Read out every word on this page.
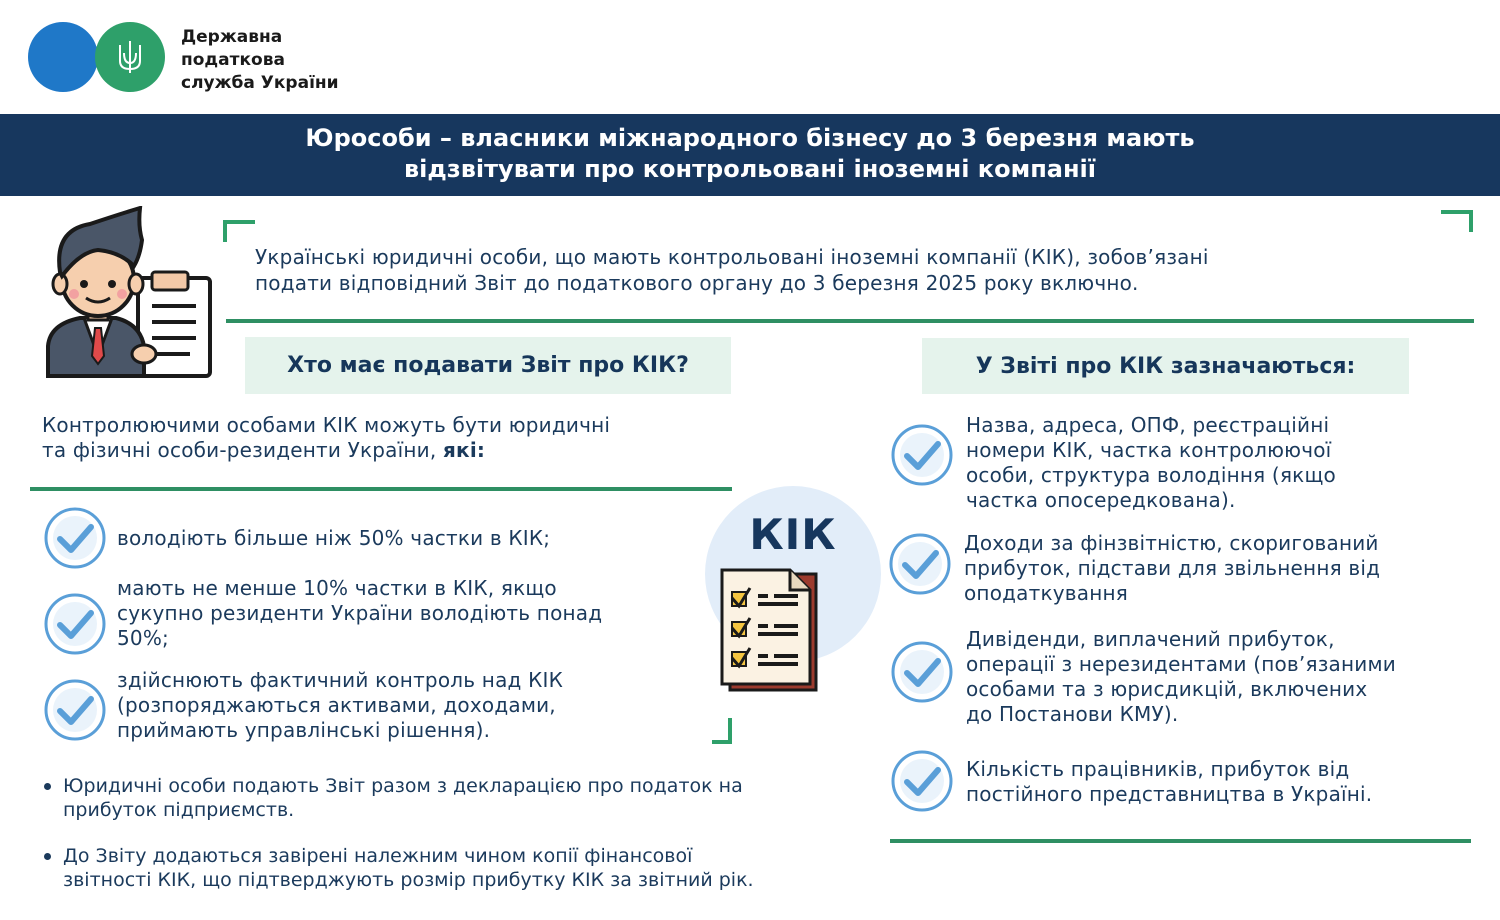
Державна
податкова
служба України
Юрособи – власники міжнародного бізнесу до 3 березня мають
відзвітувати про контрольовані іноземні компанії
Українські юридичні особи, що мають контрольовані іноземні компанії (КІК), зобов’язані
подати відповідний Звіт до податкового органу до 3 березня 2025 року включно.
Хто має подавати Звіт про КІК?	У Звіті про КІК зазначаються:
Контролюючими особами КІК можуть бути юридичні
та фізичні особи-резиденти України, які:
володіють більше ніж 50% частки в КІК;
мають не менше 10% частки в КІК, якщо
сукупно резиденти України володіють понад
50%;
здійснюють фактичний контроль над КІК
(розпоряджаються активами, доходами,
приймають управлінські рішення).
КІК
Юридичні особи подають Звіт разом з декларацією про податок на
прибуток підприємств.
До Звіту додаються завірені належним чином копії фінансової
звітності КІК, що підтверджують розмір прибутку КІК за звітний рік.
Назва, адреса, ОПФ, реєстраційні
номери КІК, частка контролюючої
особи, структура володіння (якщо
частка опосередкована).
Доходи за фінзвітністю, скоригований
прибуток, підстави для звільнення від
оподаткування
Дивіденди, виплачений прибуток,
операції з нерезидентами (пов’язаними
особами та з юрисдикцій, включених
до Постанови КМУ).
Кількість працівників, прибуток від
постійного представництва в Україні.
